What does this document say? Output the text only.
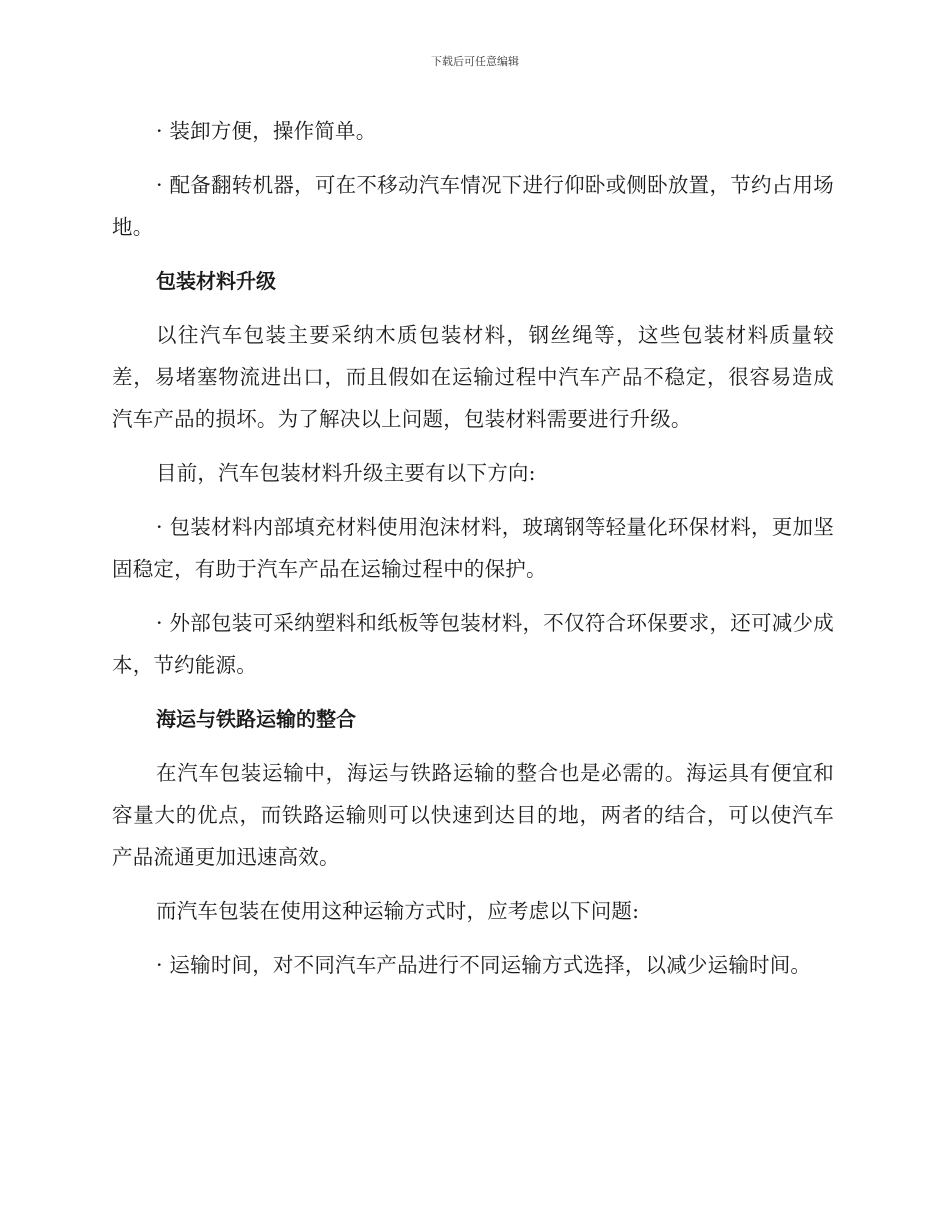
下载后可任意编辑

· 装卸方便，操作简单。

· 配备翻转机器，可在不移动汽车情况下进行仰卧或侧卧放置，节约占用场地。

包装材料升级

以往汽车包装主要采纳木质包装材料，钢丝绳等，这些包装材料质量较差，易堵塞物流进出口，而且假如在运输过程中汽车产品不稳定，很容易造成汽车产品的损坏。为了解决以上问题，包装材料需要进行升级。

目前，汽车包装材料升级主要有以下方向:

· 包装材料内部填充材料使用泡沫材料，玻璃钢等轻量化环保材料，更加坚固稳定，有助于汽车产品在运输过程中的保护。

· 外部包装可采纳塑料和纸板等包装材料，不仅符合环保要求，还可减少成本，节约能源。

海运与铁路运输的整合

在汽车包装运输中，海运与铁路运输的整合也是必需的。海运具有便宜和容量大的优点，而铁路运输则可以快速到达目的地，两者的结合，可以使汽车产品流通更加迅速高效。

而汽车包装在使用这种运输方式时，应考虑以下问题:

· 运输时间，对不同汽车产品进行不同运输方式选择，以减少运输时间。
